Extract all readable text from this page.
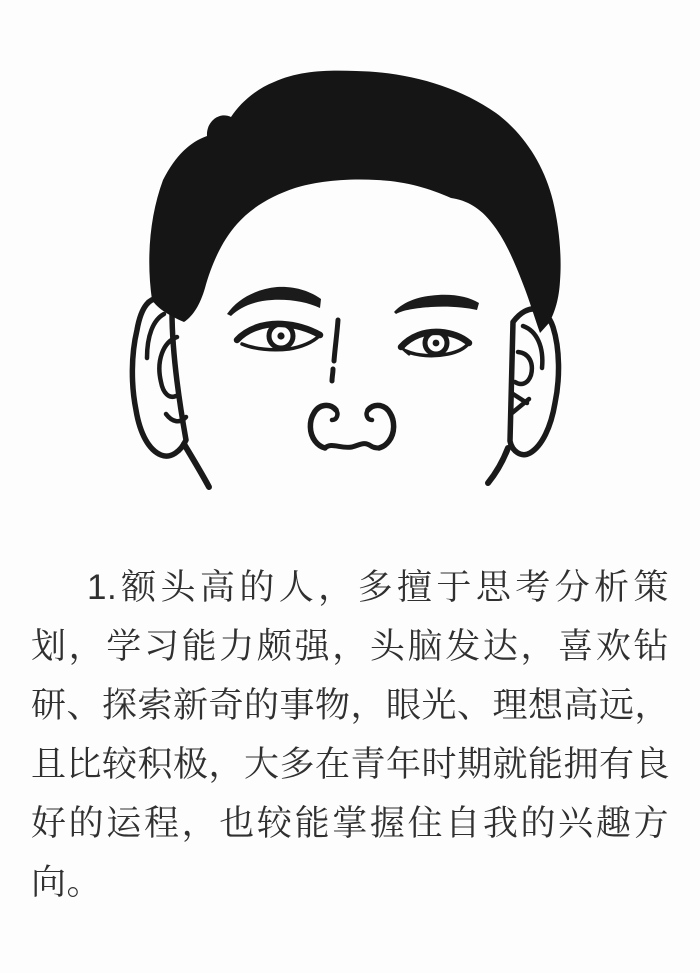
1.额头高的人，多擅于思考分析策
划，学习能力颇强，头脑发达，喜欢钻
研、探索新奇的事物，眼光、理想高远，
且比较积极，大多在青年时期就能拥有良
好的运程，也较能掌握住自我的兴趣方
向。
